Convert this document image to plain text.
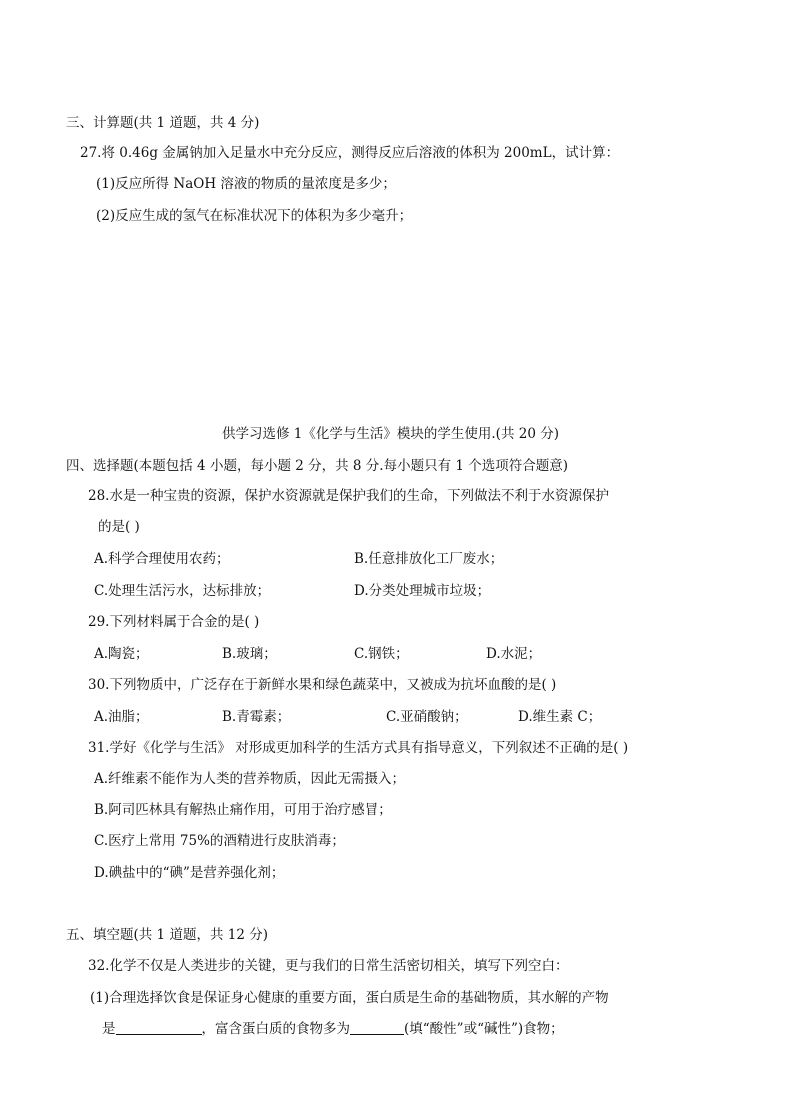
三、计算题(共 1 道题，共 4 分)
27.将 0.46g 金属钠加入足量水中充分反应，测得反应后溶液的体积为 200mL，试计算：
(1)反应所得 NaOH 溶液的物质的量浓度是多少；
(2)反应生成的氢气在标准状况下的体积为多少毫升；
供学习选修 1《化学与生活》模块的学生使用.(共 20 分)
四、选择题(本题包括 4 小题，每小题 2 分，共 8 分.每小题只有 1 个选项符合题意)
28.水是一种宝贵的资源，保护水资源就是保护我们的生命，下列做法不利于水资源保护
的是( )
A.科学合理使用农药；	B.任意排放化工厂废水；
C.处理生活污水，达标排放；	D.分类处理城市垃圾；
29.下列材料属于合金的是( )
A.陶瓷；	B.玻璃；	C.钢铁；	D.水泥；
30.下列物质中，广泛存在于新鲜水果和绿色蔬菜中，又被成为抗坏血酸的是( )
A.油脂；	B.青霉素；	C.亚硝酸钠；	D.维生素 C；
31.学好《化学与生活》 对形成更加科学的生活方式具有指导意义，下列叙述不正确的是( )
A.纤维素不能作为人类的营养物质，因此无需摄入；
B.阿司匹林具有解热止痛作用，可用于治疗感冒；
C.医疗上常用 75%的酒精进行皮肤消毒；
D.碘盐中的“碘”是营养强化剂；
五、填空题(共 1 道题，共 12 分)
32.化学不仅是人类进步的关键，更与我们的日常生活密切相关，填写下列空白：
(1)合理选择饮食是保证身心健康的重要方面，蛋白质是生命的基础物质，其水解的产物
是	，富含蛋白质的食物多为	(填“酸性”或“碱性”)食物；
